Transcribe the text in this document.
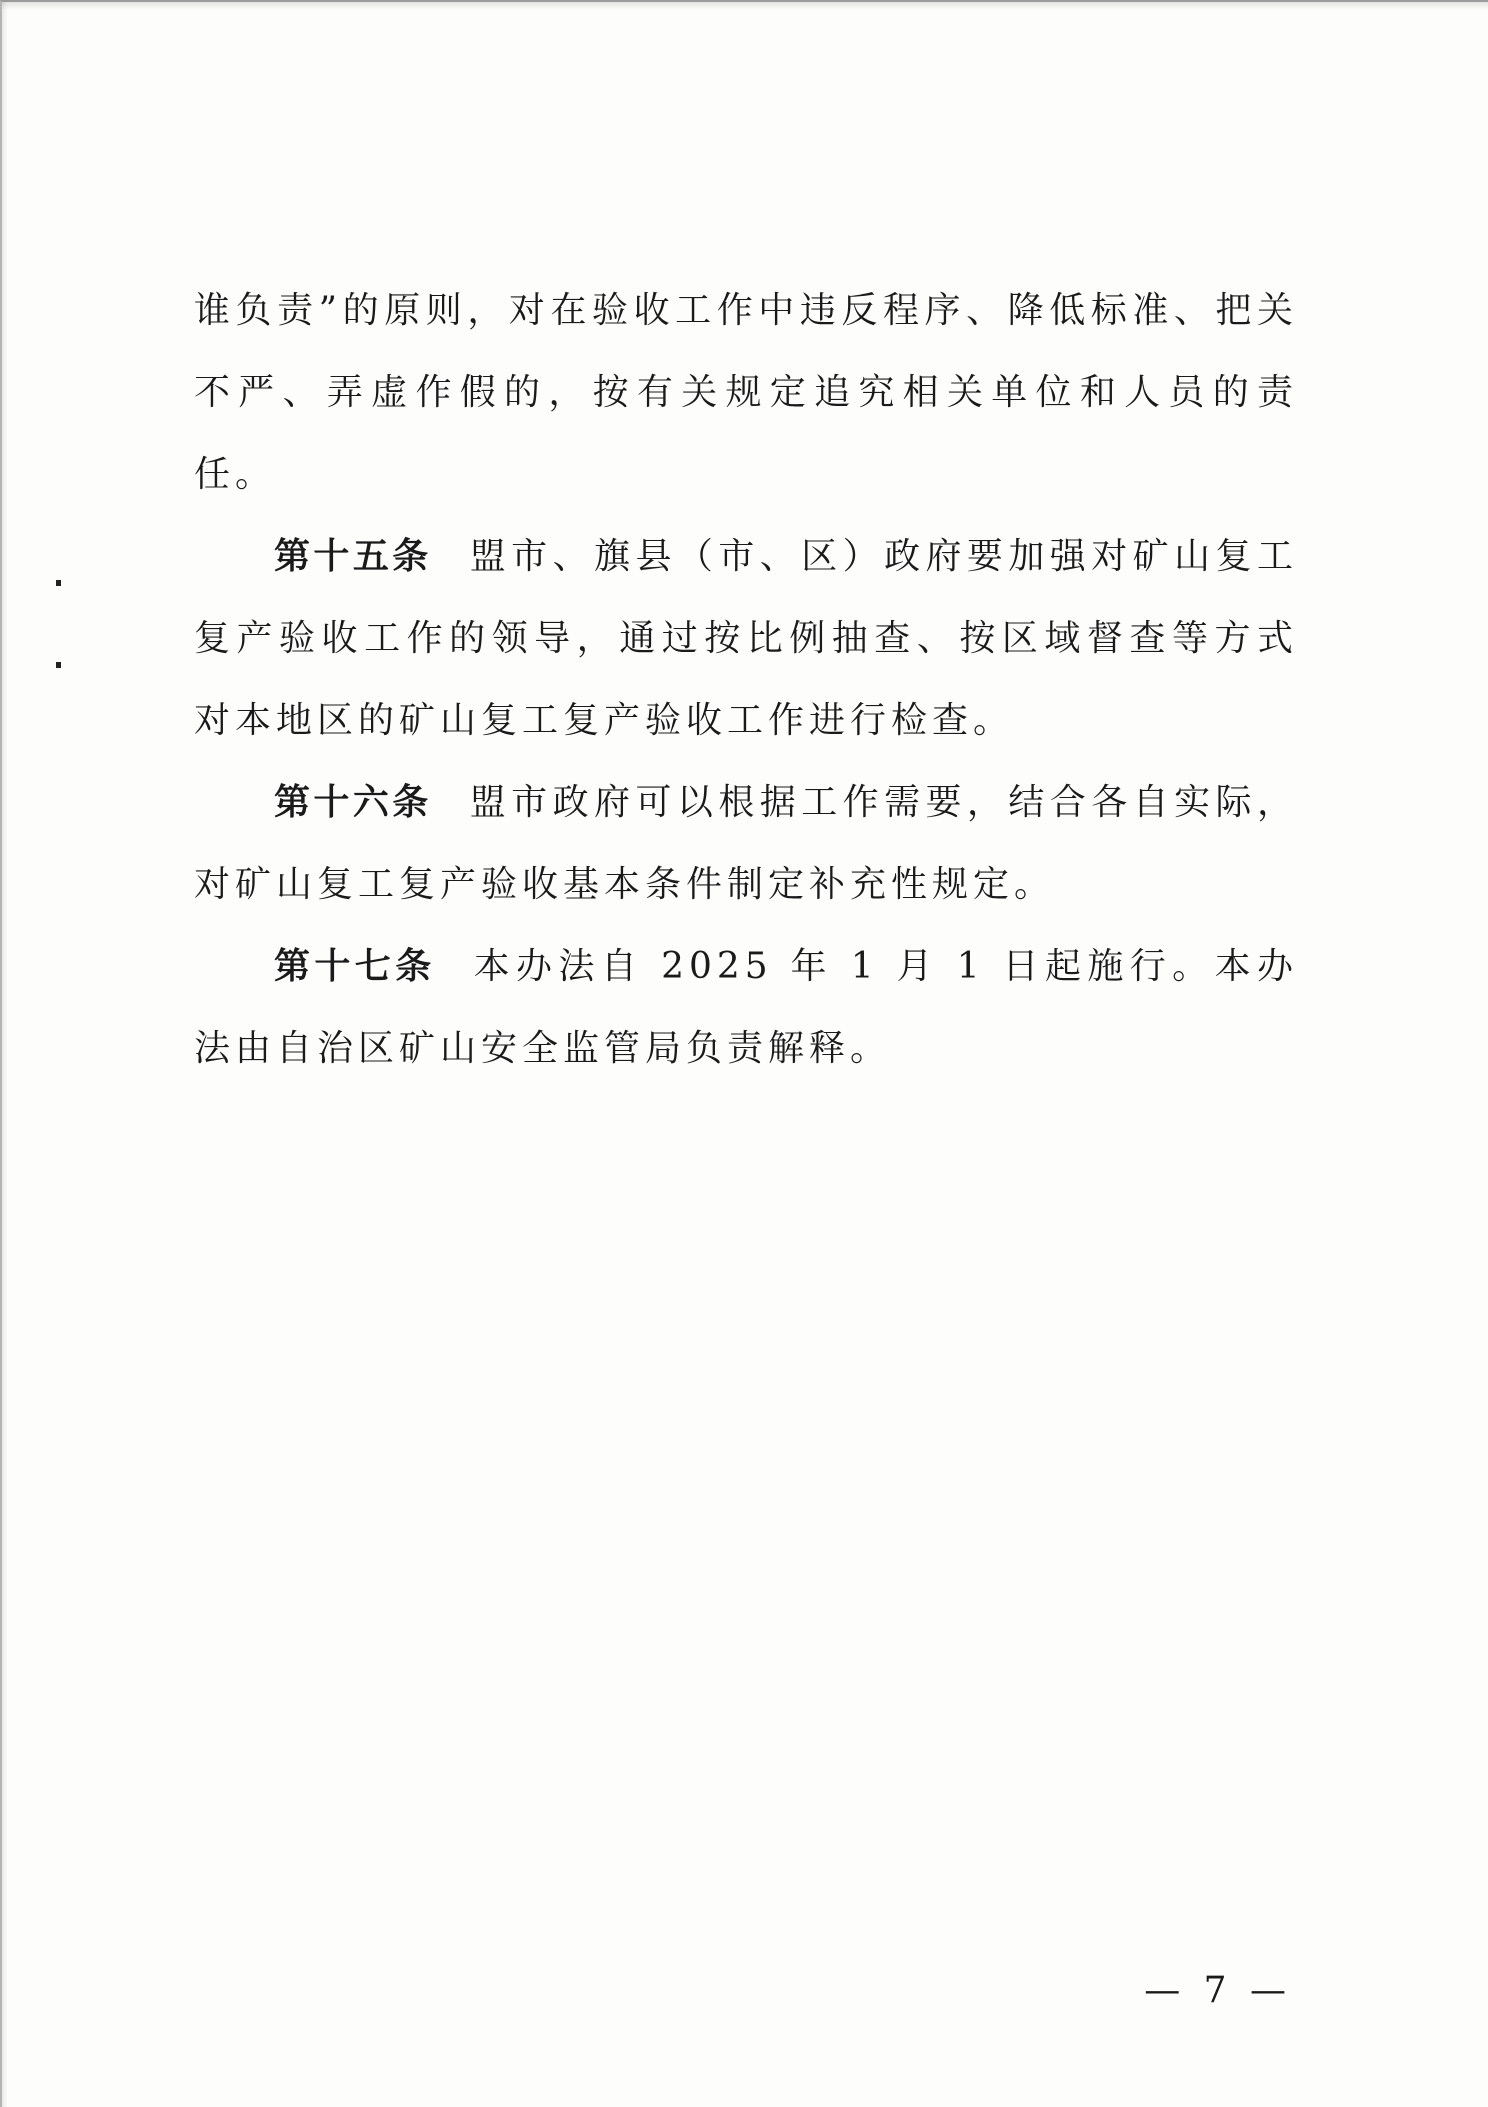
谁负责”的原则，对在验收工作中违反程序、降低标准、把关不严、弄虚作假的，按有关规定追究相关单位和人员的责任。

第十五条 盟市、旗县（市、区）政府要加强对矿山复工复产验收工作的领导，通过按比例抽查、按区域督查等方式对本地区的矿山复工复产验收工作进行检查。

第十六条 盟市政府可以根据工作需要，结合各自实际，对矿山复工复产验收基本条件制定补充性规定。

第十七条 本办法自 2025 年 1 月 1 日起施行。本办法由自治区矿山安全监管局负责解释。

— 7 —
